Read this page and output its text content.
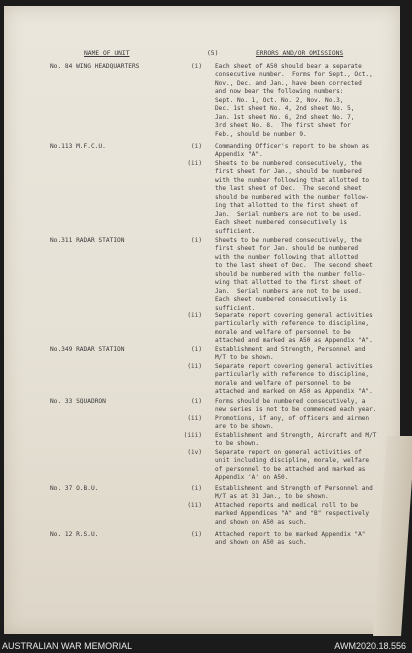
NAME OF UNIT	(5)	ERRORS AND/OR OMISSIONS
No. 84 WING HEADQUARTERS	(i) Each sheet of A50 should bear a separate
consecutive number.  Forms for Sept., Oct.,
Nov., Dec. and Jan., have been corrected
and now bear the following numbers:
Sept. No. 1, Oct. No. 2, Nov. No.3,
Dec. 1st sheet No. 4, 2nd sheet No. 5,
Jan. 1st sheet No. 6, 2nd sheet No. 7,
3rd sheet No. 8.  The first sheet for
Feb., should be number 9.
No.113 M.F.C.U.	(i) Commanding Officer's report to be shown as
Appendix "A".
(ii) Sheets to be numbered consecutively, the
first sheet for Jan., should be numbered
with the number following that allotted to
the last sheet of Dec.  The second sheet
should be numbered with the number follow-
ing that allotted to the first sheet of
Jan.  Serial numbers are not to be used.
Each sheet numbered consecutively is
sufficient.
No.311 RADAR STATION	(i) Sheets to be numbered consecutively, the
first sheet for Jan. should be numbered
with the number following that allotted
to the last sheet of Dec.  The second sheet
should be numbered with the number follo-
wing that allotted to the first sheet of
Jan.  Serial numbers are not to be used.
Each sheet numbered consecutively is
sufficient.
(ii) Separate report covering general activities
particularly with reference to discipline,
morale and welfare of personnel to be
attached and marked as A50 as Appendix "A".
No.349 RADAR STATION	(i) Establishment and Strength, Personnel and
M/T to be shown.
(ii) Separate report covering general activities
particularly with reference to discipline,
morale and welfare of personnel to be
attached and marked on A50 as Appendix "A".
No. 33 SQUADRON	(i) Forms should be numbered consecutively, a
new series is not to be commenced each year.
(ii) Promotions, if any, of officers and airmen
are to be shown.
(iii) Establishment and Strength, Aircraft and M/T
to be shown.
(iv) Separate report on general activities of
unit including discipline, morale, welfare
of personnel to be attached and marked as
Appendix 'A' on A50.
No. 37 O.B.U.	(i) Establishment and Strength of Personnel and
M/T as at 31 Jan., to be shown.
(ii) Attached reports and medical roll to be
marked Appendices "A" and "B" respectively
and shown on A50 as such.
No. 12 R.S.U.	(i) Attached report to be marked Appendix "A"
and shown on A50 as such.
AUSTRALIAN WAR MEMORIAL	AWM2020.18.556
